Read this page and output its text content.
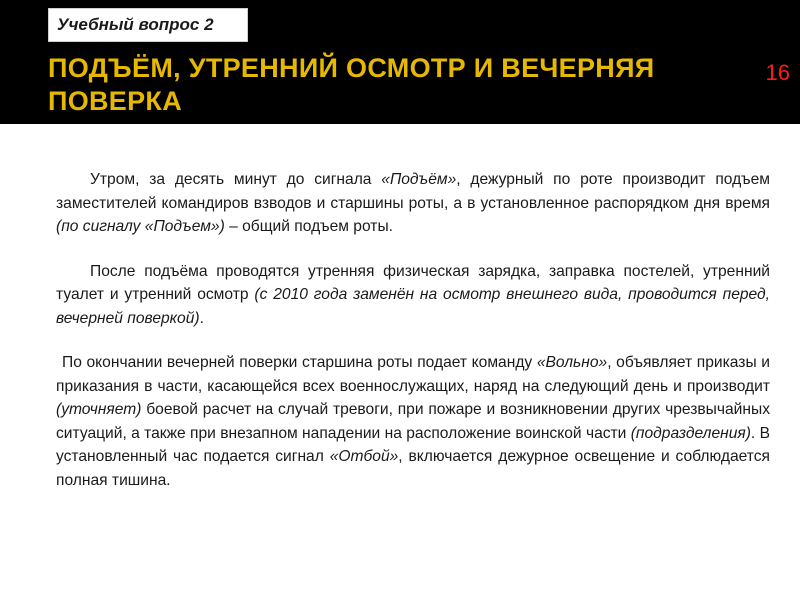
Учебный вопрос 2
ПОДЪЁМ, УТРЕННИЙ ОСМОТР И ВЕЧЕРНЯЯ ПОВЕРКА
16

Утром, за десять минут до сигнала «Подъём», дежурный по роте производит подъем заместителей командиров взводов и старшины роты, а в установленное распорядком дня время (по сигналу «Подъем») – общий подъем роты.

После подъёма проводятся утренняя физическая зарядка, заправка постелей, утренний туалет и утренний осмотр (с 2010 года заменён на осмотр внешнего вида, проводится перед, вечерней поверкой).

По окончании вечерней поверки старшина роты подает команду «Вольно», объявляет приказы и приказания в части, касающейся всех военнослужащих, наряд на следующий день и производит (уточняет) боевой расчет на случай тревоги, при пожаре и возникновении других чрезвычайных ситуаций, а также при внезапном нападении на расположение воинской части (подразделения). В установленный час подается сигнал «Отбой», включается дежурное освещение и соблюдается полная тишина.
